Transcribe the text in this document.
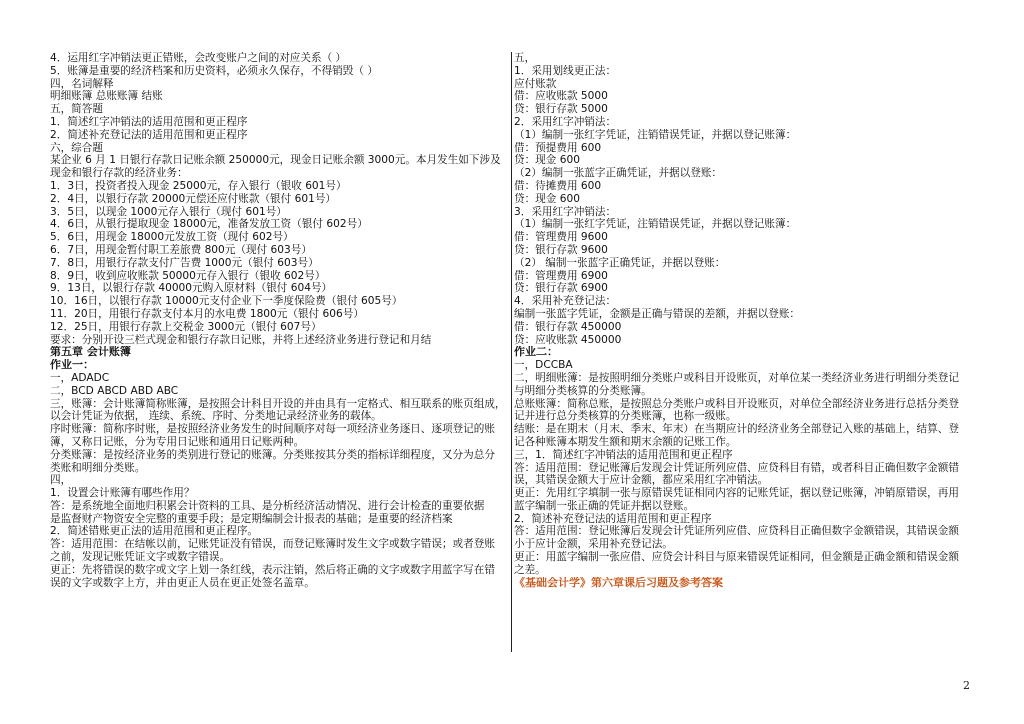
4．运用红字冲销法更正错账，会改变账户之间的对应关系（ ）
5．账簿是重要的经济档案和历史资料，必须永久保存，不得销毁（ ）
四，名词解释
明细账簿 总账账簿 结账
五，简答题
1．简述红字冲销法的适用范围和更正程序
2．简述补充登记法的适用范围和更正程序
六，综合题
某企业 6 月 1 日银行存款日记账余额 250000元，现金日记账余额 3000元。本月发生如下涉及
现金和银行存款的经济业务：
1．3日，投资者投入现金 25000元，存入银行（银收 601号）
2．4日，以银行存款 20000元偿还应付账款（银付 601号）
3．5日，以现金 1000元存入银行（现付 601号）
4．6日，从银行提取现金 18000元，准备发放工资（银付 602号）
5．6日，用现金 18000元发放工资（现付 602号）
6．7日，用现金暂付职工差旅费 800元（现付 603号）
7．8日，用银行存款支付广告费 1000元（银付 603号）
8．9日，收到应收账款 50000元存入银行（银收 602号）
9．13日，以银行存款 40000元购入原材料（银付 604号）
10．16日，以银行存款 10000元支付企业下一季度保险费（银付 605号）
11．20日，用银行存款支付本月的水电费 1800元（银付 606号）
12．25日，用银行存款上交税金 3000元（银付 607号）
要求：分别开设三栏式现金和银行存款日记账，并将上述经济业务进行登记和月结
第五章 会计账簿
作业一：
一，ADADC
二，BCD ABCD ABD ABC
三，账簿：会计账簿简称账簿，是按照会计科目开设的并由具有一定格式、相互联系的账页组成，
以会计凭证为依据， 连续、系统、序时、分类地记录经济业务的载体。
序时账簿：简称序时账，是按照经济业务发生的时间顺序对每一项经济业务逐日、逐项登记的账
簿，又称日记账，分为专用日记账和通用日记账两种。
分类账簿：是按经济业务的类别进行登记的账簿。分类账按其分类的指标详细程度，又分为总分
类账和明细分类账。
四，
1．设置会计账簿有哪些作用？
答：是系统地全面地归积累会计资料的工具、是分析经济活动情况、进行会计检查的重要依据
是监督财产物资安全完整的重要手段；是定期编制会计报表的基础；是重要的经济档案
2．简述错账更正法的适用范围和更正程序。
答：适用范围：在结帐以前，记账凭证没有错误，而登记账簿时发生文字或数字错误；或者登账
之前，发现记账凭证文字或数字错误。
更正：先将错误的数字或文字上划一条红线，表示注销，然后将正确的文字或数字用蓝字写在错
误的文字或数字上方，并由更正人员在更正处签名盖章。
五，
1．采用划线更正法：
应付账款
借：应收账款 5000
贷：银行存款 5000
2．采用红字冲销法：
（1）编制一张红字凭证，注销错误凭证，并据以登记账簿：
借：预提费用 600
贷：现金 600
（2）编制一张蓝字正确凭证，并据以登账：
借：待摊费用 600
贷：现金 600
3．采用红字冲销法：
（1）编制一张红字凭证，注销错误凭证，并据以登记账簿：
借：管理费用 9600
贷：银行存款 9600
（2） 编制一张蓝字正确凭证，并据以登账：
借：管理费用 6900
贷：银行存款 6900
4．采用补充登记法：
编制一张蓝字凭证，金额是正确与错误的差额，并据以登账：
借：银行存款 450000
贷：应收账款 450000
作业二：
一，DCCBA
二，明细账簿：是按照明细分类账户或科目开设账页，对单位某一类经济业务进行明细分类登记
与明细分类核算的分类账簿。
总账账簿：简称总账，是按照总分类账户或科目开设账页，对单位全部经济业务进行总括分类登
记并进行总分类核算的分类账簿，也称一级账。
结账：是在期末（月末、季末、年末）在当期应计的经济业务全部登记入账的基础上，结算、登
记各种账簿本期发生额和期末余额的记账工作。
三，1．简述红字冲销法的适用范围和更正程序
答：适用范围：登记账簿后发现会计凭证所列应借、应贷科目有错，或者科目正确但数字金额错
误，其错误金额大于应计金额，都应采用红字冲销法。
更正：先用红字填制一张与原错误凭证相同内容的记账凭证，据以登记账簿，冲销原错误，再用
蓝字编制一张正确的凭证并据以登账。
2．简述补充登记法的适用范围和更正程序
答：适用范围：登记账簿后发现会计凭证所列应借、应贷科目正确但数字金额错误，其错误金额
小于应计金额，采用补充登记法。
更正：用蓝字编制一张应借、应贷会计科目与原来错误凭证相同，但金额是正确金额和错误金额
之差。
《基础会计学》第六章课后习题及参考答案
2
